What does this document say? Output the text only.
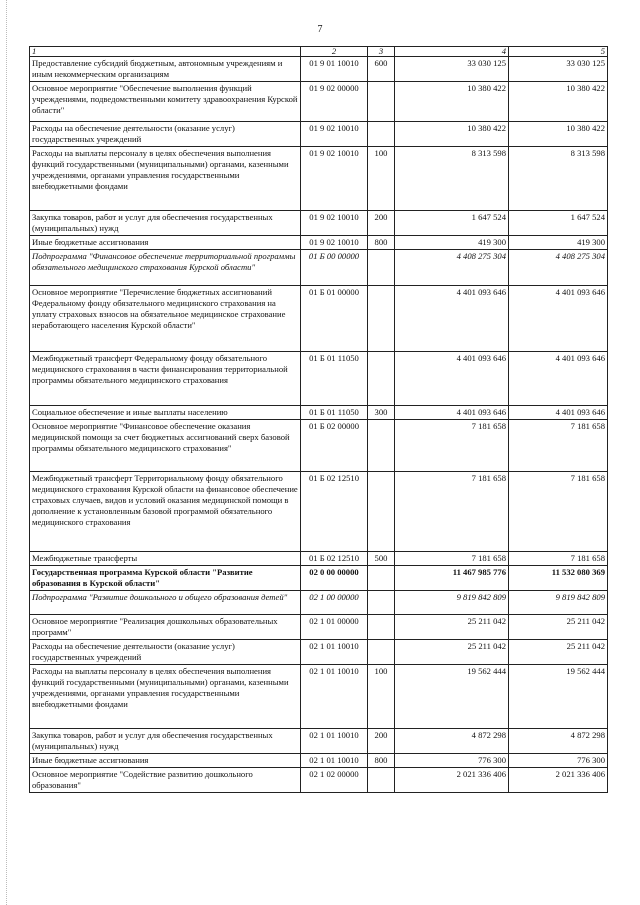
7
1	2	3	4	5
Предоставление субсидий бюджетным, автономным учреждениям и иным некоммерческим организациям	01 9 01 10010	600	33 030 125	33 030 125
Основное мероприятие "Обеспечение выполнения функций учреждениями, подведомственными комитету здравоохранения Курской области"	01 9 02 00000		10 380 422	10 380 422
Расходы на обеспечение деятельности (оказание услуг) государственных учреждений	01 9 02 10010		10 380 422	10 380 422
Расходы на выплаты персоналу в целях обеспечения выполнения функций государственными (муниципальными) органами, казенными учреждениями, органами управления государственными внебюджетными фондами	01 9 02 10010	100	8 313 598	8 313 598
Закупка товаров, работ и услуг для обеспечения государственных (муниципальных) нужд	01 9 02 10010	200	1 647 524	1 647 524
Иные бюджетные ассигнования	01 9 02 10010	800	419 300	419 300
Подпрограмма "Финансовое обеспечение территориальной программы обязательного медицинского страхования Курской области"	01 Б 00 00000		4 408 275 304	4 408 275 304
Основное мероприятие "Перечисление бюджетных ассигнований Федеральному фонду обязательного медицинского страхования на уплату страховых взносов на обязательное медицинское страхование неработающего населения Курской области"	01 Б 01 00000		4 401 093 646	4 401 093 646
Межбюджетный трансферт Федеральному фонду обязательного медицинского страхования в части финансирования территориальной программы обязательного медицинского страхования	01 Б 01 11050		4 401 093 646	4 401 093 646
Социальное обеспечение и иные выплаты населению	01 Б 01 11050	300	4 401 093 646	4 401 093 646
Основное мероприятие "Финансовое обеспечение оказания медицинской помощи за счет бюджетных ассигнований сверх базовой программы обязательного медицинского страхования"	01 Б 02 00000		7 181 658	7 181 658
Межбюджетный трансферт Территориальному фонду обязательного медицинского страхования Курской области на финансовое обеспечение страховых случаев, видов и условий оказания медицинской помощи в дополнение к установленным базовой программой обязательного медицинского страхования	01 Б 02 12510		7 181 658	7 181 658
Межбюджетные трансферты	01 Б 02 12510	500	7 181 658	7 181 658
Государственная программа Курской области "Развитие образования в Курской области"	02 0 00 00000		11 467 985 776	11 532 080 369
Подпрограмма "Развитие дошкольного и общего образования детей"	02 1 00 00000		9 819 842 809	9 819 842 809
Основное мероприятие "Реализация дошкольных образовательных программ"	02 1 01 00000		25 211 042	25 211 042
Расходы на обеспечение деятельности (оказание услуг) государственных учреждений	02 1 01 10010		25 211 042	25 211 042
Расходы на выплаты персоналу в целях обеспечения выполнения функций государственными (муниципальными) органами, казенными учреждениями, органами управления государственными внебюджетными фондами	02 1 01 10010	100	19 562 444	19 562 444
Закупка товаров, работ и услуг для обеспечения государственных (муниципальных) нужд	02 1 01 10010	200	4 872 298	4 872 298
Иные бюджетные ассигнования	02 1 01 10010	800	776 300	776 300
Основное мероприятие "Содействие развитию дошкольного образования"	02 1 02 00000		2 021 336 406	2 021 336 406
